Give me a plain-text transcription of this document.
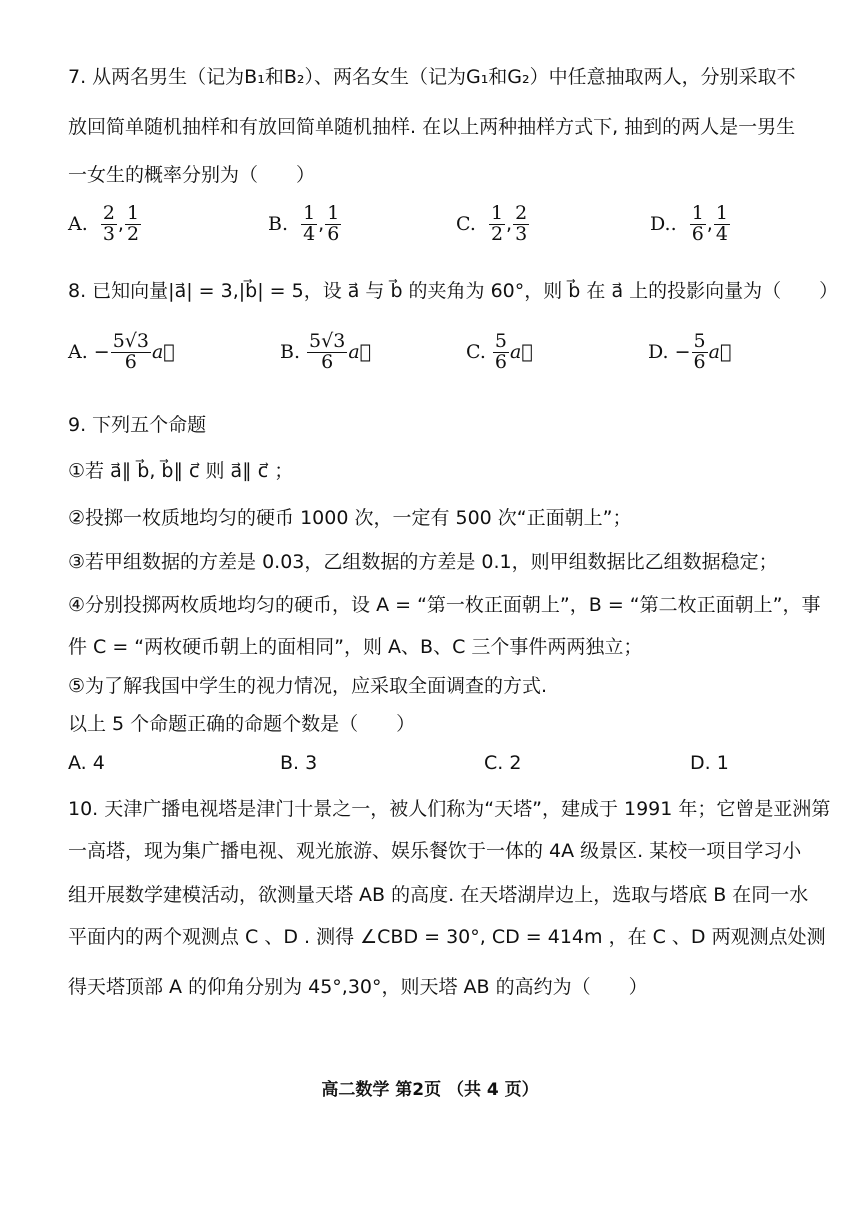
7. 从两名男生（记为B₁和B₂）、两名女生（记为G₁和G₂）中任意抽取两人，分别采取不
放回简单随机抽样和有放回简单随机抽样. 在以上两种抽样方式下, 抽到的两人是一男生
一女生的概率分别为（　　）
A. $\frac{2}{3}$ , $\frac{1}{2}$	B. $\frac{1}{4}$ , $\frac{1}{6}$	C. $\frac{1}{2}$ , $\frac{2}{3}$	D.. $\frac{1}{6}$ , $\frac{1}{4}$
8. 已知向量|a⃗| = 3,|b⃗| = 5，设 a⃗ 与 b⃗ 的夹角为 60°，则 b⃗ 在 a⃗ 上的投影向量为（　　）
A. − $\frac{5√3}{6}$ a⃗	B. $\frac{5√3}{6}$ a⃗	C. $\frac{5}{6}$ a⃗	D. − $\frac{5}{6}$ a⃗
9. 下列五个命题
①若 a⃗∥ b⃗, b⃗∥ c⃗ 则 a⃗∥ c⃗ ；
②投掷一枚质地均匀的硬币 1000 次，一定有 500 次“正面朝上”；
③若甲组数据的方差是 0.03，乙组数据的方差是 0.1，则甲组数据比乙组数据稳定；
④分别投掷两枚质地均匀的硬币，设 A = “第一枚正面朝上”，B = “第二枚正面朝上”，事
件 C = “两枚硬币朝上的面相同”，则 A、B、C 三个事件两两独立；
⑤为了解我国中学生的视力情况，应采取全面调查的方式.
以上 5 个命题正确的命题个数是（　　）
A. 4	B. 3	C. 2	D. 1
10. 天津广播电视塔是津门十景之一，被人们称为“天塔”，建成于 1991 年；它曾是亚洲第
一高塔，现为集广播电视、观光旅游、娱乐餐饮于一体的 4A 级景区. 某校一项目学习小
组开展数学建模活动，欲测量天塔 AB 的高度. 在天塔湖岸边上，选取与塔底 B 在同一水
平面内的两个观测点 C 、D . 测得 ∠CBD = 30°, CD = 414m ，在 C 、D 两观测点处测
得天塔顶部 A 的仰角分别为 45°,30°，则天塔 AB 的高约为（　　）
高二数学 第2页 （共 4 页）
